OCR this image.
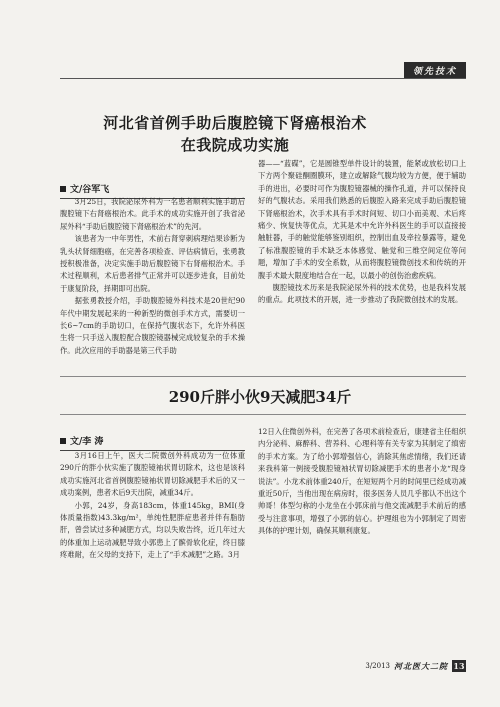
领先技术
河北省首例手助后腹腔镜下肾癌根治术
在我院成功实施
文/谷军飞

3月25日，我院泌尿外科为一名患者顺利实施手助后腹腔镜下右肾癌根治术。此手术的成功实施开创了我省泌尿外科“手助后腹腔镜下肾癌根治术”的先河。

该患者为一中年男性，术前右肾穿刺病理结果诊断为乳头状肾细胞癌，在完善各项检查、评估病情后，张勇教授积极准备，决定实施手助后腹腔镜下右肾癌根治术。手术过程顺利，术后患者排气正常并可以逐步进食，目前处于康复阶段，择期即可出院。

据张勇教授介绍，手助腹腔镜外科技术是20世纪90年代中期发展起来的一种新型的微创手术方式，需要切一长6~7cm的手助切口，在保持气腹状态下，允许外科医生将一只手送入腹腔配合腹腔镜器械完成较复杂的手术操作。此次应用的手助器是第三代手助

器——“蓝碟”，它是圆锥型单件设计的装置，能紧或放松切口上下方两个聚硅酮圈膜环，建立或解除气腹均较为方便，便于辅助手的进出，必要时可作为腹腔镜器械的操作孔道，并可以保持良好的气腹状态。采用我们熟悉的后腹腔入路来完成手助后腹腔镜下肾癌根治术，次手术具有手术时间短、切口小而美观、术后疼痛少、恢复快等优点，尤其是术中允许外科医生的手可以直接接触脏器，手的触觉能够鉴别组织，控制出血及牵拉暴露等，避免了标准腹腔镜的手术缺乏本体感觉、触觉和三维空间定位等问题，增加了手术的安全系数，从而将腹腔镜微创技术和传统的开腹手术最大限度地结合在一起，以最小的创伤治愈疾病。

腹腔镜技术历来是我院泌尿外科的技术优势，也是我科发展的重点。此项技术的开展，进一步推动了我院微创技术的发展。

290斤胖小伙9天减肥34斤
文/李 涛

3月16日上午，医大二院微创外科成功为一位体重290斤的胖小伙实施了腹腔镜袖状胃切除术，这也是该科成功实施河北省首例腹腔镜袖状胃切除减肥手术后的又一成功案例，患者术后9天出院，减重34斤。

小郭，24岁，身高183cm，体重145kg，BMI(身体质量指数)43.3kg/m²，单纯性肥胖症患者并伴有脂肪肝，曾尝试过多种减肥方式，均以失败告终，近几年过大的体重加上运动减肥导致小郭患上了髌骨软化症，终日膝疼难耐，在父母的支持下，走上了“手术减肥”之路。3月

12日入住微创外科，在完善了各项术前检查后，康建省主任组织内分泌科、麻醉科、营养科、心理科等有关专家为其制定了缜密的手术方案。为了给小郭增强信心，消除其焦虑情绪，我们还请来我科第一例接受腹腔镜袖状胃切除减肥手术的患者小龙“现身说法”。小龙术前体重240斤，在短短两个月的时间里已经成功减重近50斤，当他出现在病房时，很多医务人员几乎都认不出这个帅哥！体型匀称的小龙坐在小郭床前与他交流减肥手术前后的感受与注意事项，增强了小郭的信心。护理组也为小郭制定了周密具体的护理计划，确保其顺利康复。

3/2013 河北医大二院 13
